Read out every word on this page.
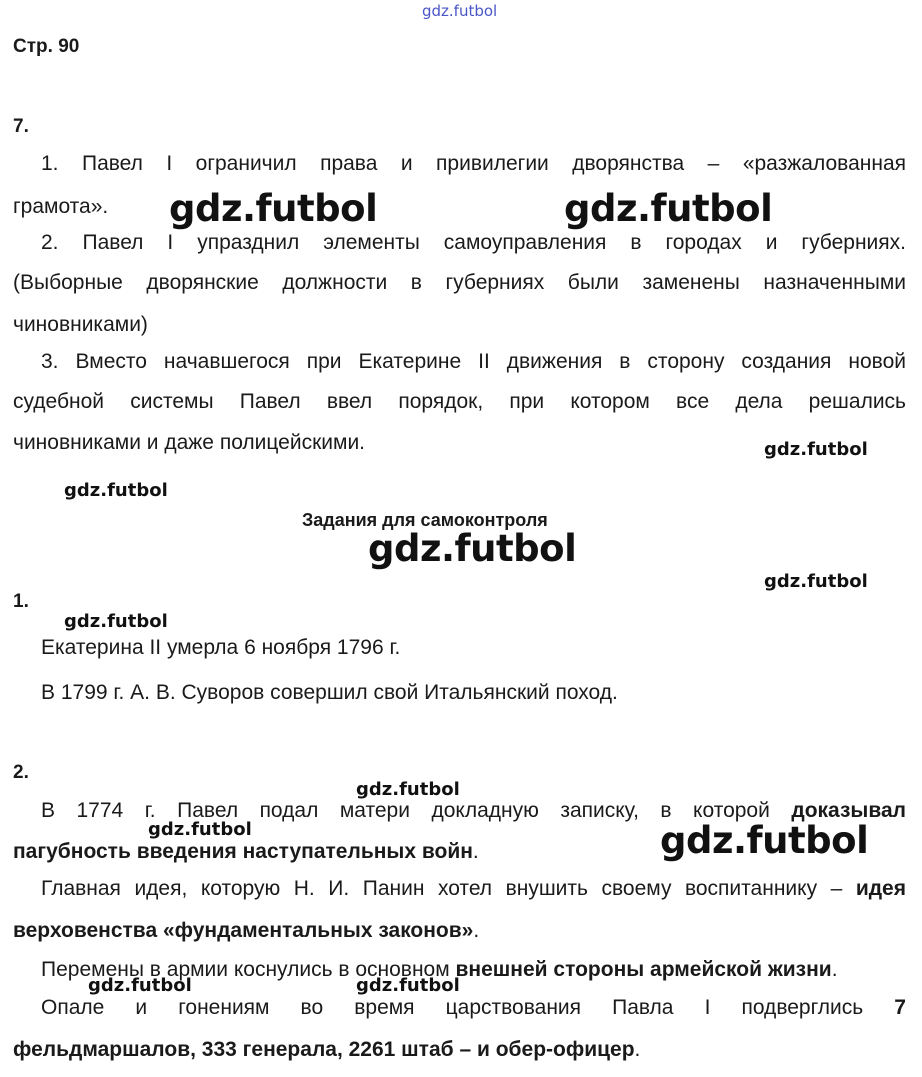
gdz.futbol
Стр. 90
7.
1. Павел I ограничил права и привилегии дворянства – «разжалованная
грамота».
2. Павел I упразднил элементы самоуправления в городах и губерниях.
(Выборные дворянские должности в губерниях были заменены назначенными
чиновниками)
3. Вместо начавшегося при Екатерине II движения в сторону создания новой
судебной системы Павел ввел порядок, при котором все дела решались
чиновниками и даже полицейскими.
Задания для самоконтроля
1.
Екатерина II умерла 6 ноября 1796 г.
В 1799 г. А. В. Суворов совершил свой Итальянский поход.
2.
В 1774 г. Павел подал матери докладную записку, в которой доказывал
пагубность введения наступательных войн.
Главная идея, которую Н. И. Панин хотел внушить своему воспитаннику – идея
верховенства «фундаментальных законов».
Перемены в армии коснулись в основном внешней стороны армейской жизни.
Опале и гонениям во время царствования Павла I подверглись 7
фельдмаршалов, 333 генерала, 2261 штаб – и обер-офицер.
gdz.futbol	gdz.futbol
gdz.futbol
gdz.futbol
gdz.futbol
gdz.futbol
gdz.futbol
gdz.futbol
gdz.futbol	gdz.futbol
gdz.futbol	gdz.futbol
